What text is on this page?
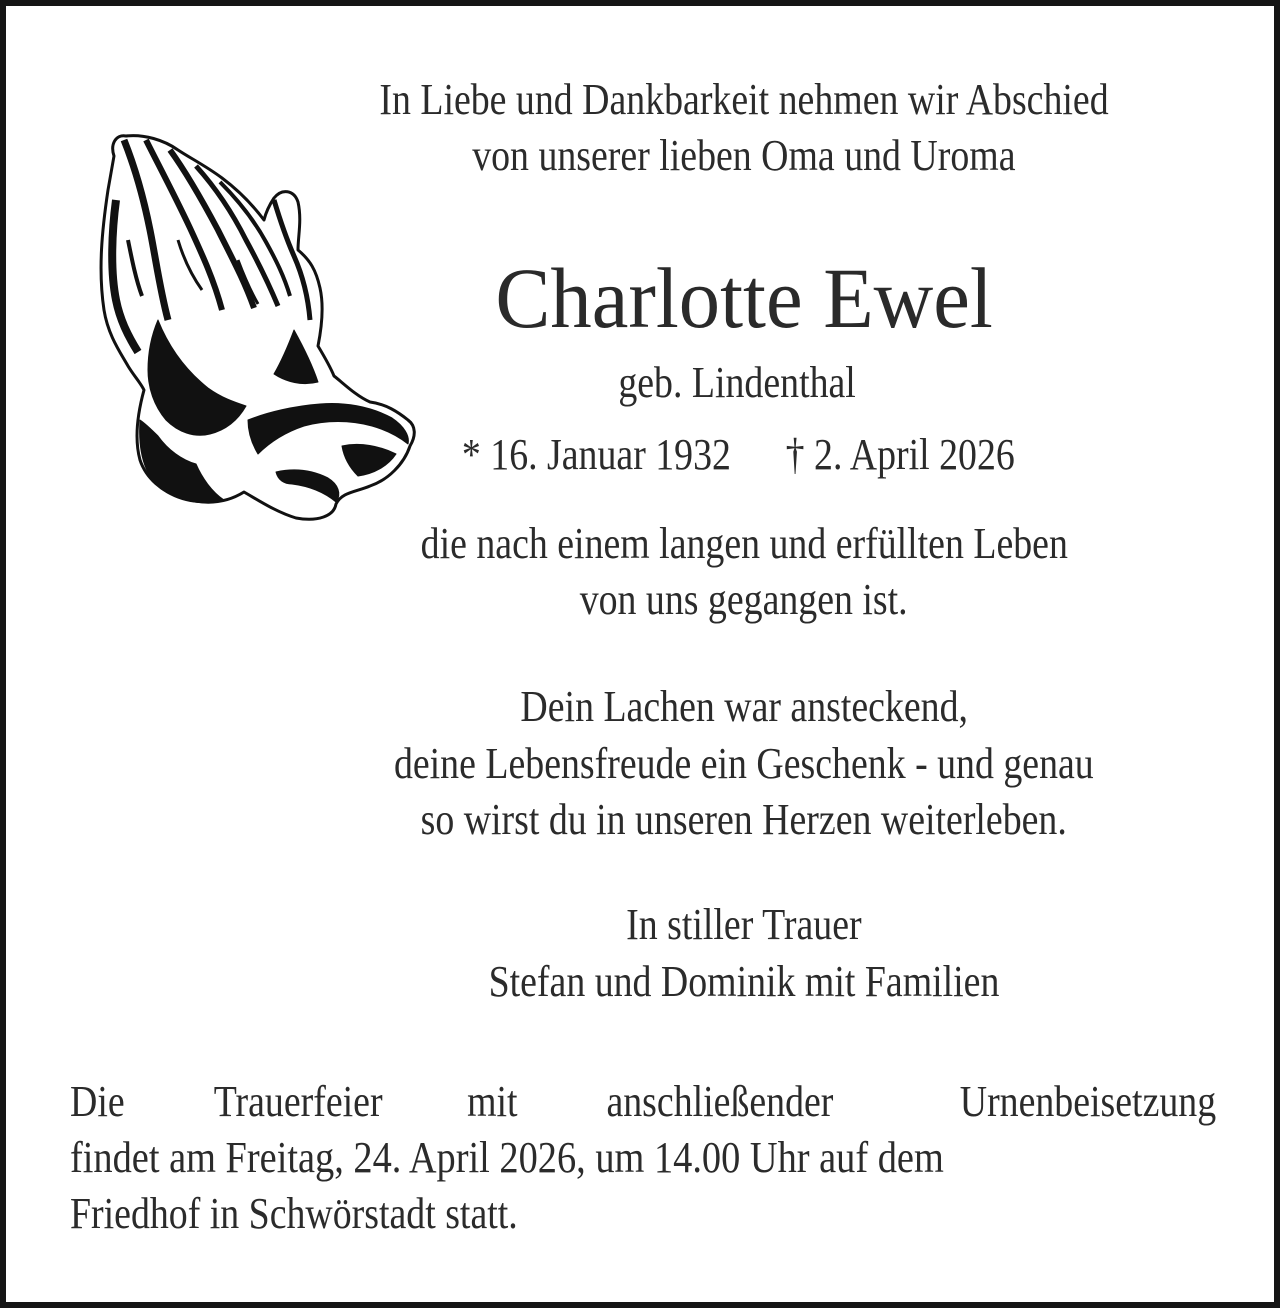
In Liebe und Dankbarkeit nehmen wir Abschied
von unserer lieben Oma und Uroma
Charlotte Ewel
geb. Lindenthal
* 16. Januar 1932 † 2. April 2026
die nach einem langen und erfüllten Leben
von uns gegangen ist.
Dein Lachen war ansteckend,
deine Lebensfreude ein Geschenk - und genau
so wirst du in unseren Herzen weiterleben.
In stiller Trauer
Stefan und Dominik mit Familien
Die Trauerfeier mit anschließender	Urnenbeisetzung
findet am Freitag, 24. April 2026, um 14.00 Uhr auf dem
Friedhof in Schwörstadt statt.
